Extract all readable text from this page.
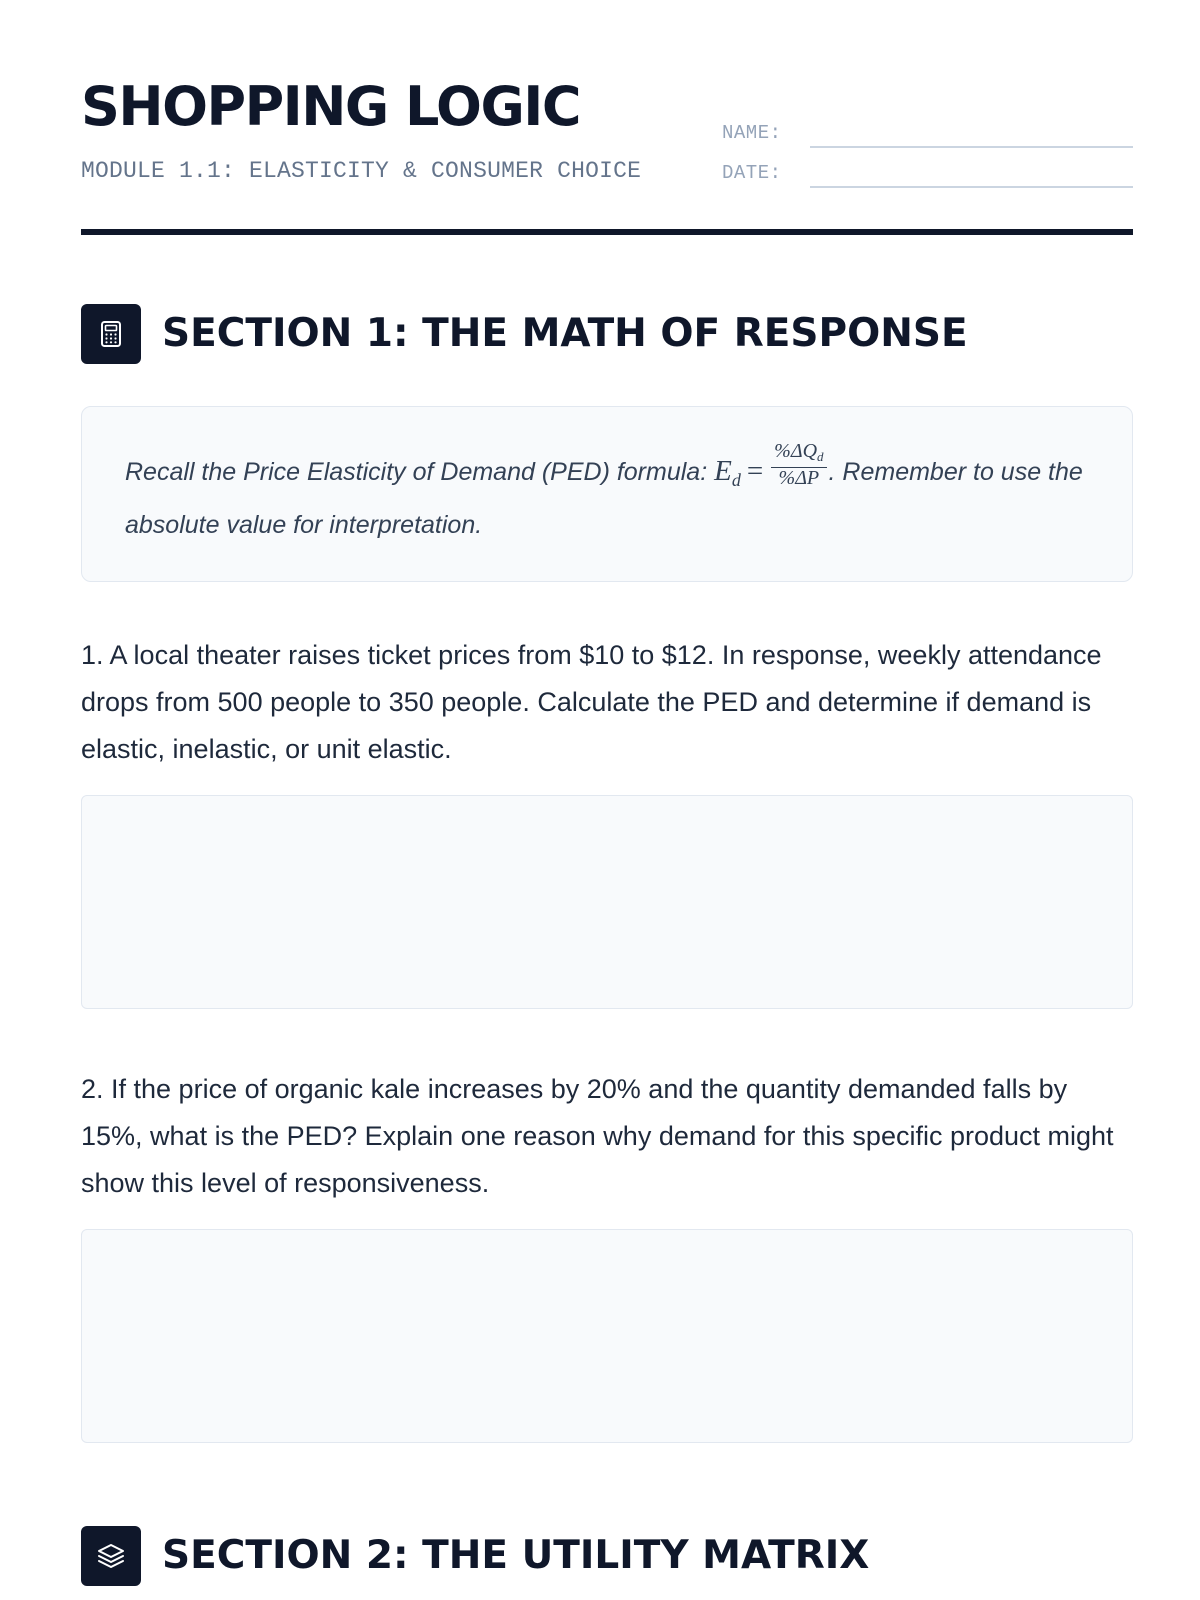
SHOPPING LOGIC
MODULE 1.1: ELASTICITY & CONSUMER CHOICE
NAME:
DATE:
SECTION 1: THE MATH OF RESPONSE
Recall the Price Elasticity of Demand (PED) formula: $E_d = \frac{\%\Delta Q_d}{\%\Delta P}$ . Remember to use the absolute value for interpretation.

1. A local theater raises ticket prices from $10 to $12. In response, weekly attendance drops from 500 people to 350 people. Calculate the PED and determine if demand is elastic, inelastic, or unit elastic.

2. If the price of organic kale increases by 20% and the quantity demanded falls by 15%, what is the PED? Explain one reason why demand for this specific product might show this level of responsiveness.

SECTION 2: THE UTILITY MATRIX
